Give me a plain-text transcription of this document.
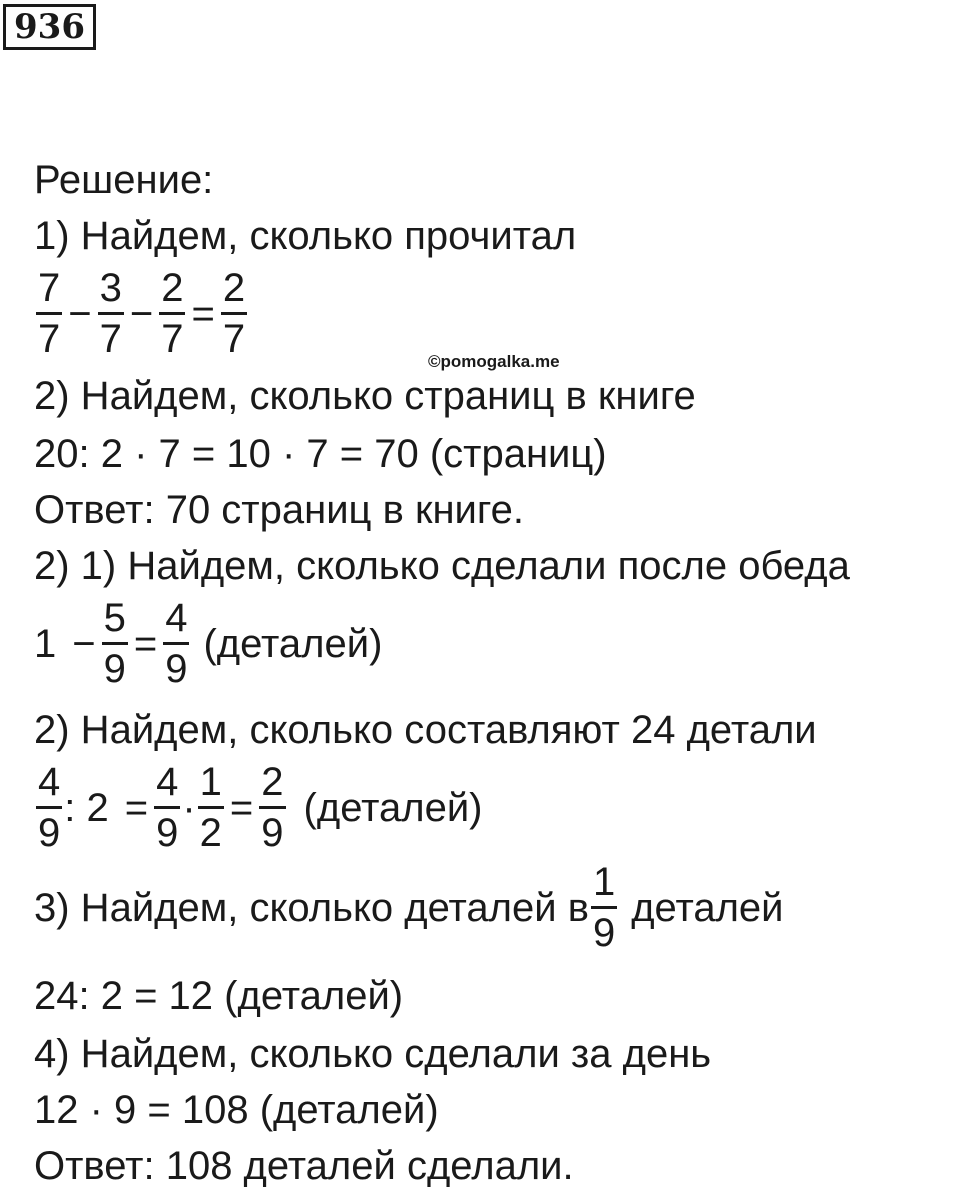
936
Решение:
1) Найдем, сколько прочитал
$\frac{7}{7} - \frac{3}{7} - \frac{2}{7} = \frac{2}{7}$
©pomogalka.me
2) Найдем, сколько страниц в книге
20: 2 · 7 = 10 · 7 = 70 (страниц)
Ответ: 70 страниц в книге.
2) 1) Найдем, сколько сделали после обеда
$1 - \frac{5}{9} = \frac{4}{9}$ (деталей)
2) Найдем, сколько составляют 24 детали
$\frac{4}{9}$ : $2 = \frac{4}{9} \cdot \frac{1}{2} = \frac{2}{9}$ (деталей)
3) Найдем, сколько деталей в $\frac{1}{9}$ деталей
24: 2 = 12 (деталей)
4) Найдем, сколько сделали за день
12 · 9 = 108 (деталей)
Ответ: 108 деталей сделали.
